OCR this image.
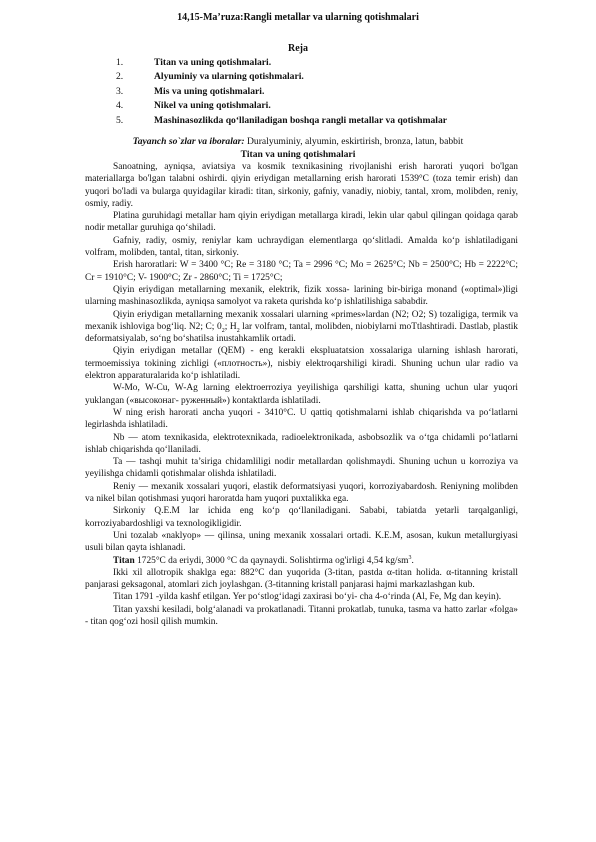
14,15-Ma’ruza:Rangli metallar va ularning qotishmalari
Reja
1.	Titan va uning qotishmalari.
2.	Alyuminiy va ularning qotishmalari.
3.	Mis va uning qotishmalari.
4.	Nikel va uning qotishmalari.
5.	Mashinasozlikda qo‘llaniladigan boshqa rangli metallar va qotishmalar
Tayanch so`zlar va iboralar: Duralyuminiy, alyumin, eskirtirish, bronza, latun, babbit
Titan va uning qotishmalari

Sanoatning, ayniqsa, aviatsiya va kosmik texnikasining rivojlanishi erish harorati yuqori bo'lgan materiallarga bo'lgan talabni oshirdi. qiyin eriydigan metallarning erish harorati 1539°C (toza temir erish) dan yuqori bo'ladi va bularga quyidagilar kiradi: titan, sirkoniy, gafniy, vanadiy, niobiy, tantal, xrom, molibden, reniy, osmiy, radiy.

Platina guruhidagi metallar ham qiyin eriydigan metallarga kiradi, lekin ular qabul qilingan qoidaga qarab nodir metallar guruhiga qo‘shiladi.

Gafniy, radiy, osmiy, reniylar kam uchraydigan elementlarga qo‘slitladi. Amalda ko‘p ishlatiladigani volfram, molibden, tantal, titan, sirkoniy.

Erish haroratlari: W = 3400 °C; Re = 3180 °C; Ta = 2996 °C; Mo = 2625°C; Nb = 2500°C; Hb = 2222°C; Cr = 1910°C; V- 1900°C; Zr - 2860°C; Ti = 1725°C;

Qiyin eriydigan metallarning mexanik, elektrik, fizik xossa- larining bir-biriga monand («optimal»)ligi ularning mashinasozlikda, ayniqsa samolyot va raketa qurishda ko‘p ishlatilishiga sababdir.

Qiyin eriydigan metallarning mexanik xossalari ularning «primes»lardan (N2; O2; S) tozaligiga, termik va mexanik ishloviga bog‘liq. N2; C; $0_2$; $H_2$ lar volfram, tantal, molibden, niobiylarni moTtlashtiradi. Dastlab, plastik deformatsiyalab, so‘ng bo‘shatilsa inustahkamlik ortadi.

Qiyin eriydigan metallar (QEM) - eng kerakli ekspluatatsion xossalariga ularning ishlash harorati, termoemissiya tokining zichligi («плотность»), nisbiy elektroqarshiligi kiradi. Shuning uchun ular radio va elektron apparaturalarida ko‘p ishlatiladi.

W-Mo, W-Cu, W-Ag larning elektroerroziya yeyilishiga qarshiligi katta, shuning uchun ular yuqori yuklangan («высоконаг- руженный») kontaktlarda ishlatiladi.

W ning erish harorati ancha yuqori - 3410°C. U qattiq qotishmalarni ishlab chiqarishda va po‘latlarni legirlashda ishlatiladi.

Nb — atom texnikasida, elektrotexnikada, radioelektronikada, asbobsozlik va o‘tga chidamli po‘latlarni ishlab chiqarishda qo‘llaniladi.

Ta — tashqi muhit ta’siriga chidamliligi nodir metallardan qolishmaydi. Shuning uchun u korroziya va yeyilishga chidamli qotishmalar olishda ishlatiladi.

Reniy — mexanik xossalari yuqori, elastik deformatsiyasi yuqori, korroziyabardosh. Reniyning molibden va nikel bilan qotishmasi yuqori haroratda ham yuqori puxtalikka ega.

Sirkoniy Q.E.M lar ichida eng ko‘p qo‘llaniladigani. Sababi, tabiatda yetarli tarqalganligi, korroziyabardoshligi va texnologikligidir.

Uni tozalab «naklyop» — qilinsa, uning mexanik xossalari ortadi. K.E.M, asosan, kukun metallurgiyasi usuli bilan qayta ishlanadi.

Titan 1725°C da eriydi, 3000 °C da qaynaydi. Solishtirma og'irligi 4,54 $kg/sm^3$.

Ikki xil allotropik shaklga ega: 882°C dan yuqorida (3-titan, pastda α-titan holida. α-titanning kristall panjarasi geksagonal, atomlari zich joylashgan. (3-titanning kristall panjarasi hajmi markazlashgan kub.

Titan 1791 -yilda kashf etilgan. Yer po‘stlog‘idagi zaxirasi bo‘yi- cha 4-o‘rinda (Al, Fe, Mg dan keyin).

Titan yaxshi kesiladi, bolg‘alanadi va prokatlanadi. Titanni prokatlab, tunuka, tasma va hatto zarlar «folga» - titan qog‘ozi hosil qilish mumkin.
